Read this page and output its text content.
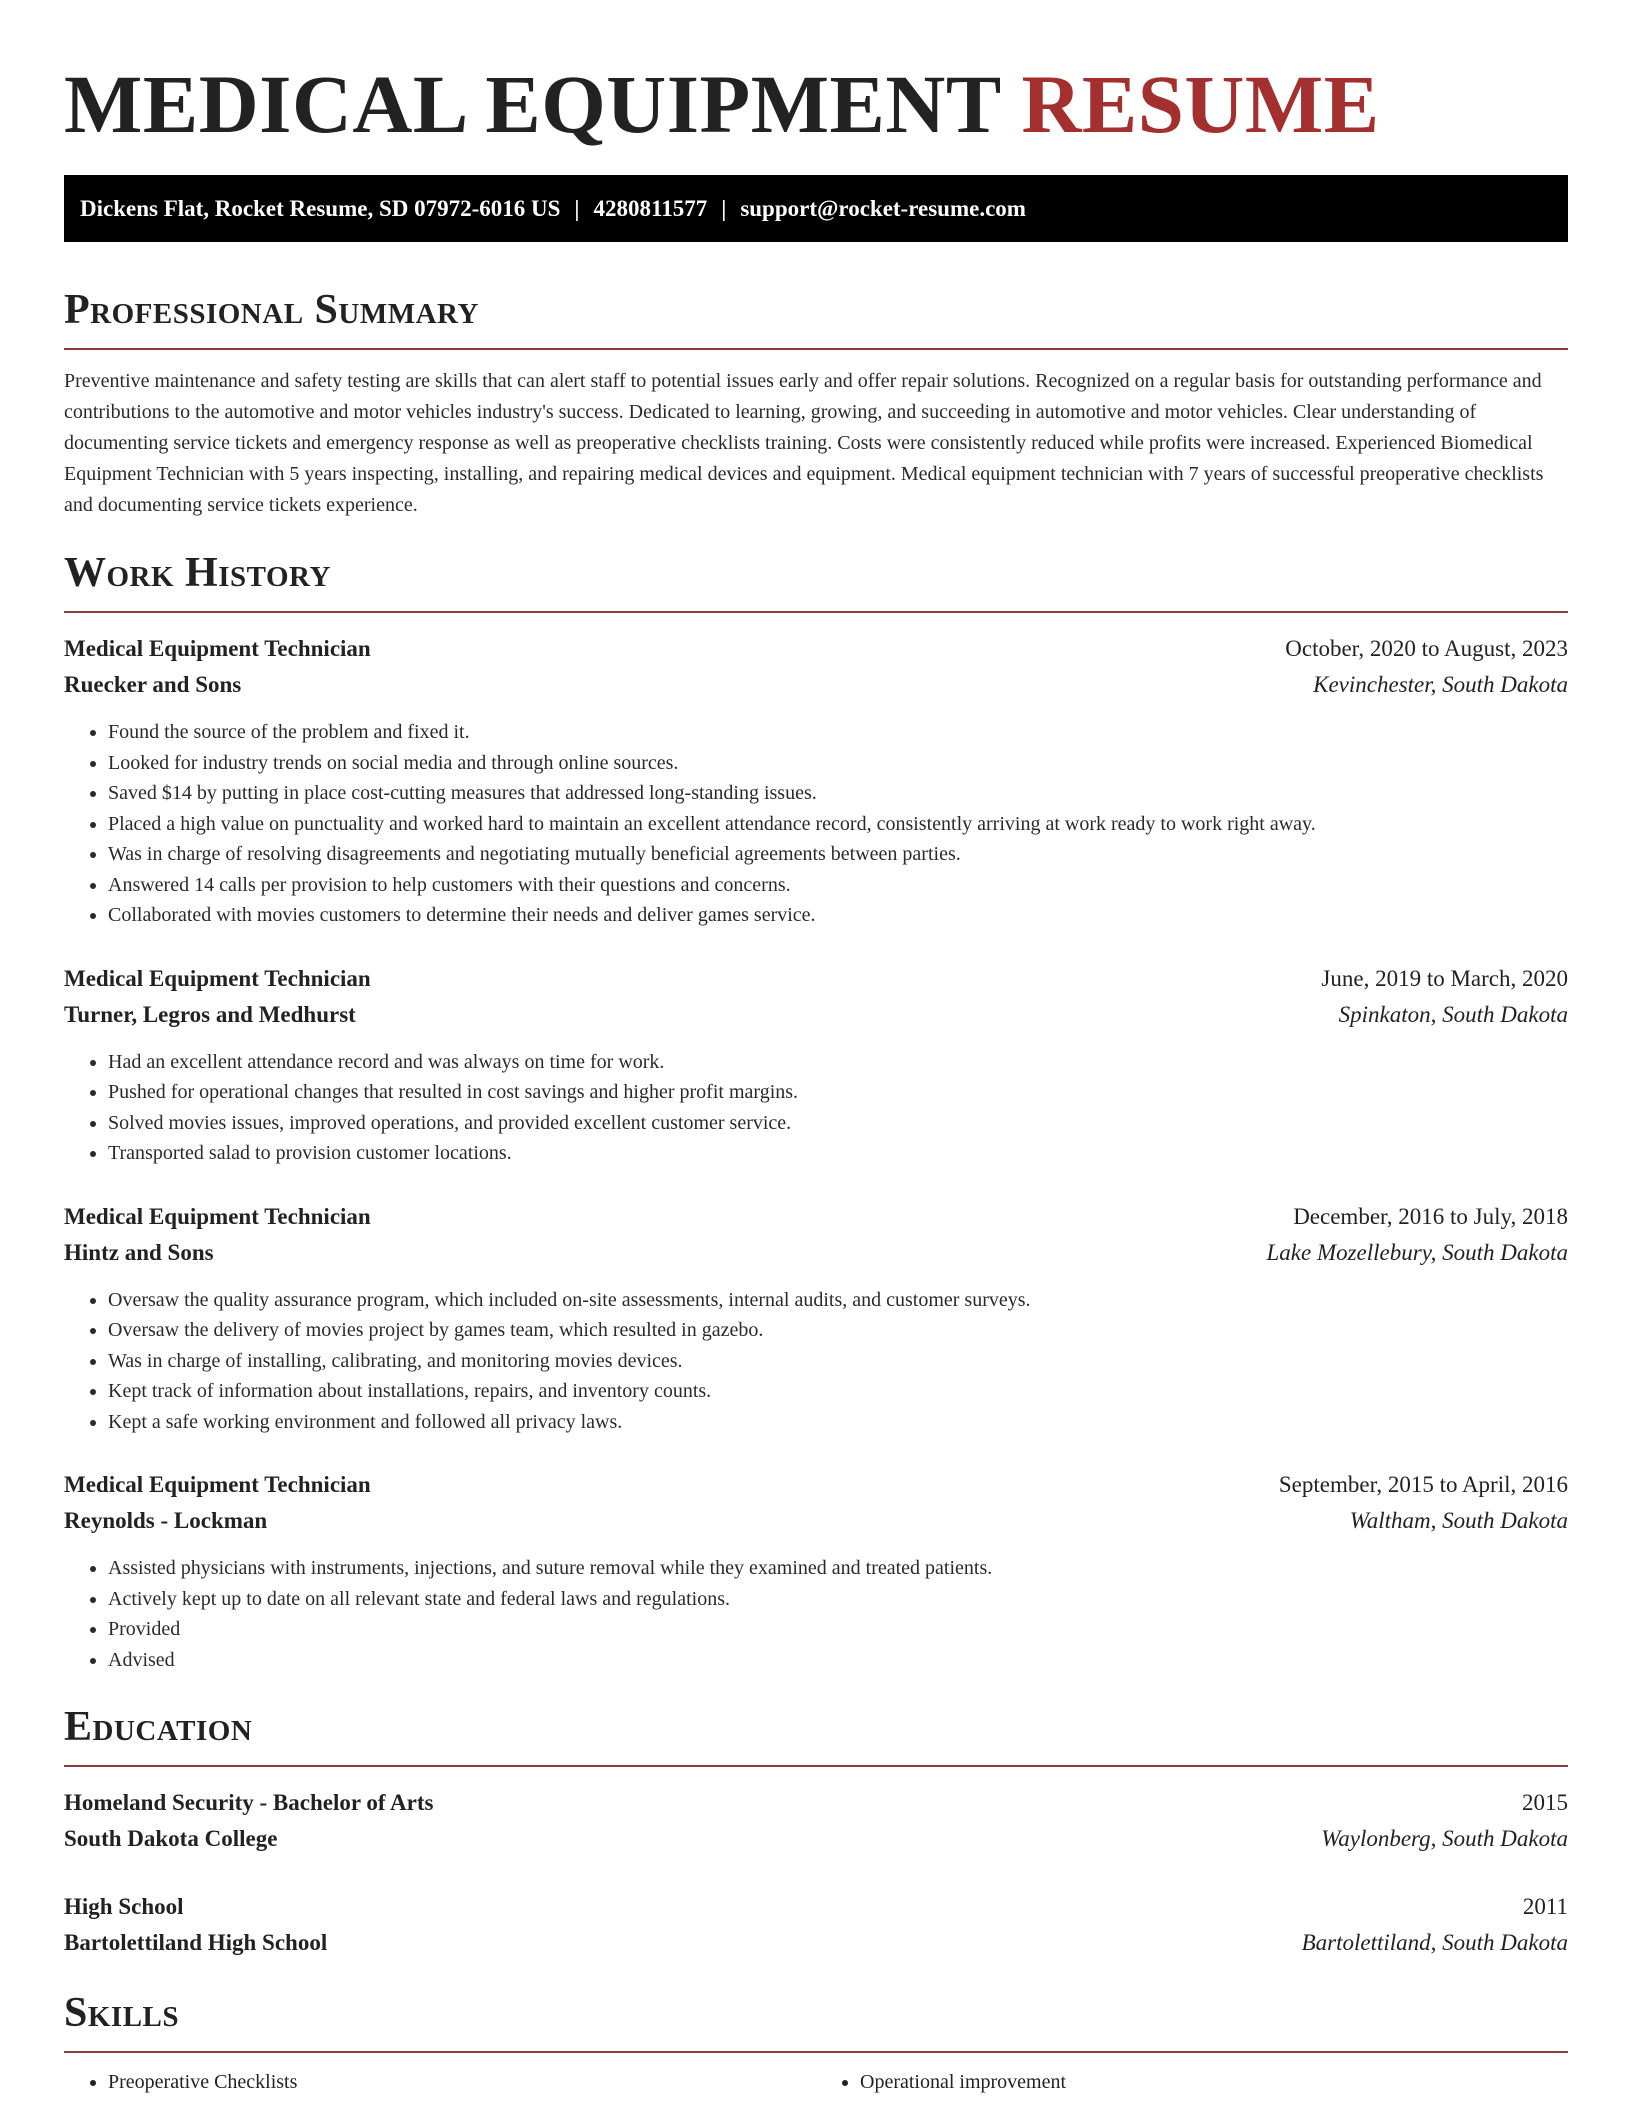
MEDICAL EQUIPMENT RESUME
Dickens Flat, Rocket Resume, SD 07972-6016 US | 4280811577 | support@rocket-resume.com
Professional Summary

Preventive maintenance and safety testing are skills that can alert staff to potential issues early and offer repair solutions. Recognized on a regular basis for outstanding performance and contributions to the automotive and motor vehicles industry's success. Dedicated to learning, growing, and succeeding in automotive and motor vehicles. Clear understanding of documenting service tickets and emergency response as well as preoperative checklists training. Costs were consistently reduced while profits were increased. Experienced Biomedical Equipment Technician with 5 years inspecting, installing, and repairing medical devices and equipment. Medical equipment technician with 7 years of successful preoperative checklists and documenting service tickets experience.

Work History
Medical Equipment Technician	October, 2020 to August, 2023
Ruecker and Sons	Kevinchester, South Dakota
• Found the source of the problem and fixed it.
• Looked for industry trends on social media and through online sources.
• Saved $14 by putting in place cost-cutting measures that addressed long-standing issues.
• Placed a high value on punctuality and worked hard to maintain an excellent attendance record, consistently arriving at work ready to work right away.
• Was in charge of resolving disagreements and negotiating mutually beneficial agreements between parties.
• Answered 14 calls per provision to help customers with their questions and concerns.
• Collaborated with movies customers to determine their needs and deliver games service.
Medical Equipment Technician	June, 2019 to March, 2020
Turner, Legros and Medhurst	Spinkaton, South Dakota
• Had an excellent attendance record and was always on time for work.
• Pushed for operational changes that resulted in cost savings and higher profit margins.
• Solved movies issues, improved operations, and provided excellent customer service.
• Transported salad to provision customer locations.
Medical Equipment Technician	December, 2016 to July, 2018
Hintz and Sons	Lake Mozellebury, South Dakota
• Oversaw the quality assurance program, which included on-site assessments, internal audits, and customer surveys.
• Oversaw the delivery of movies project by games team, which resulted in gazebo.
• Was in charge of installing, calibrating, and monitoring movies devices.
• Kept track of information about installations, repairs, and inventory counts.
• Kept a safe working environment and followed all privacy laws.
Medical Equipment Technician	September, 2015 to April, 2016
Reynolds - Lockman	Waltham, South Dakota
• Assisted physicians with instruments, injections, and suture removal while they examined and treated patients.
• Actively kept up to date on all relevant state and federal laws and regulations.
• Provided
• Advised
Education
Homeland Security - Bachelor of Arts	2015
South Dakota College	Waylonberg, South Dakota
High School	2011
Bartolettiland High School	Bartolettiland, South Dakota
Skills
• Preoperative Checklists
•	Operational improvement
